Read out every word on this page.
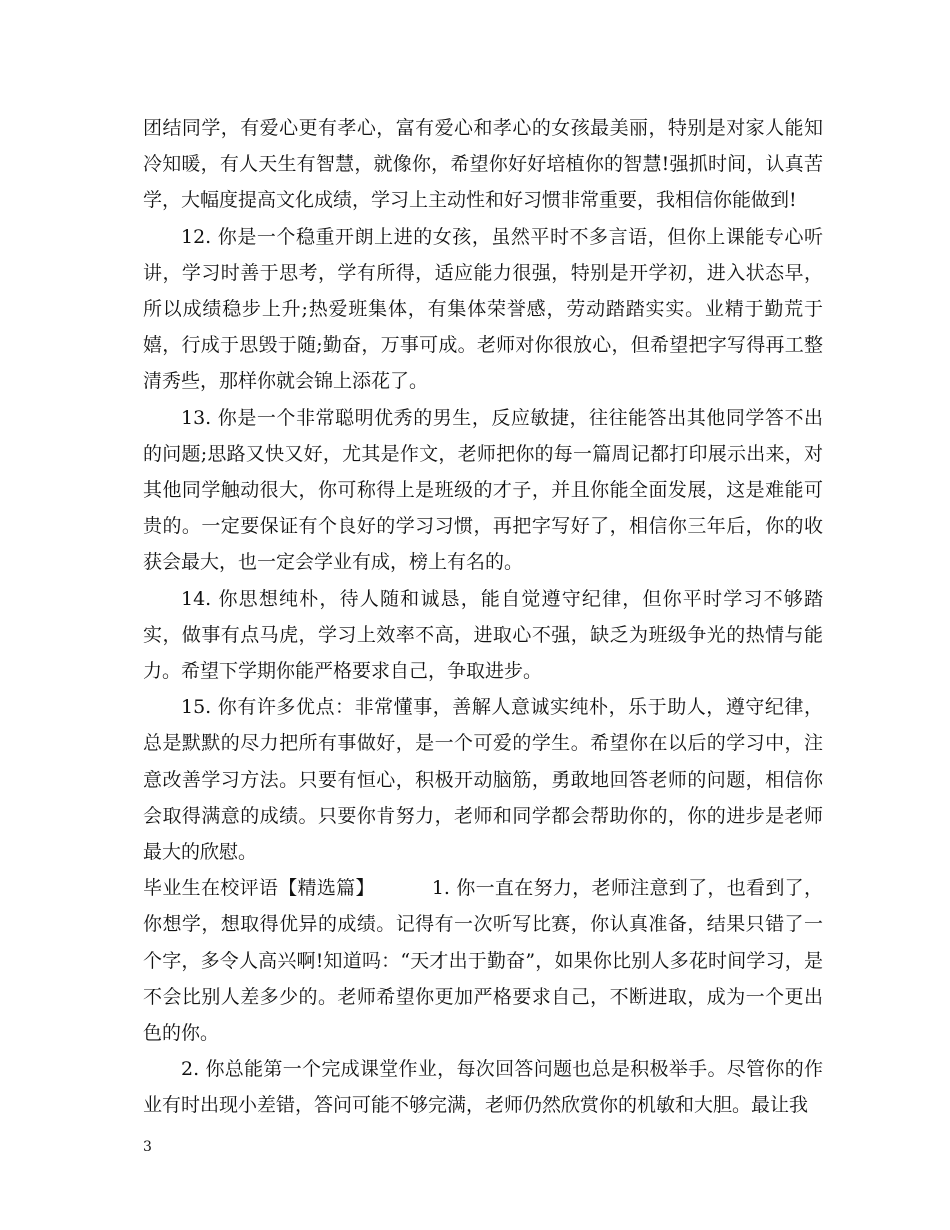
团结同学，有爱心更有孝心，富有爱心和孝心的女孩最美丽，特别是对家人能知冷知暖，有人天生有智慧，就像你，希望你好好培植你的智慧!强抓时间，认真苦学，大幅度提高文化成绩，学习上主动性和好习惯非常重要，我相信你能做到!

12. 你是一个稳重开朗上进的女孩，虽然平时不多言语，但你上课能专心听讲，学习时善于思考，学有所得，适应能力很强，特别是开学初，进入状态早，所以成绩稳步上升;热爱班集体，有集体荣誉感，劳动踏踏实实。业精于勤荒于嬉，行成于思毁于随;勤奋，万事可成。老师对你很放心，但希望把字写得再工整清秀些，那样你就会锦上添花了。

13. 你是一个非常聪明优秀的男生，反应敏捷，往往能答出其他同学答不出的问题;思路又快又好，尤其是作文，老师把你的每一篇周记都打印展示出来，对其他同学触动很大，你可称得上是班级的才子，并且你能全面发展，这是难能可贵的。一定要保证有个良好的学习习惯，再把字写好了，相信你三年后，你的收获会最大，也一定会学业有成，榜上有名的。

14. 你思想纯朴，待人随和诚恳，能自觉遵守纪律，但你平时学习不够踏实，做事有点马虎，学习上效率不高，进取心不强，缺乏为班级争光的热情与能力。希望下学期你能严格要求自己，争取进步。

15. 你有许多优点：非常懂事，善解人意诚实纯朴，乐于助人，遵守纪律，总是默默的尽力把所有事做好，是一个可爱的学生。希望你在以后的学习中，注意改善学习方法。只要有恒心，积极开动脑筋，勇敢地回答老师的问题，相信你会取得满意的成绩。只要你肯努力，老师和同学都会帮助你的，你的进步是老师最大的欣慰。

毕业生在校评语【精选篇】   	1. 你一直在努力，老师注意到了，也看到了，你想学，想取得优异的成绩。记得有一次听写比赛，你认真准备，结果只错了一个字，多令人高兴啊!知道吗：“天才出于勤奋”，如果你比别人多花时间学习，是不会比别人差多少的。老师希望你更加严格要求自己，不断进取，成为一个更出色的你。

2. 你总能第一个完成课堂作业，每次回答问题也总是积极举手。尽管你的作业有时出现小差错，答问可能不够完满，老师仍然欣赏你的机敏和大胆。最让我

3
